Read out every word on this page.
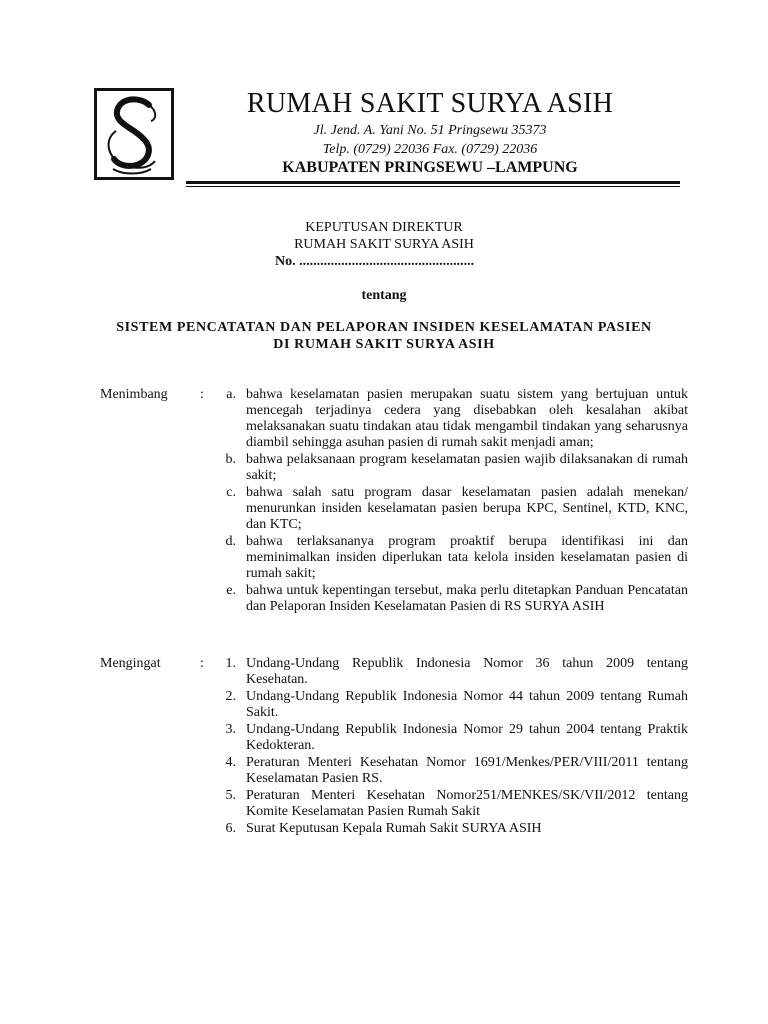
RUMAH SAKIT SURYA ASIH
Jl. Jend. A. Yani No. 51 Pringsewu 35373
Telp. (0729) 22036 Fax. (0729) 22036
KABUPATEN PRINGSEWU –LAMPUNG
KEPUTUSAN DIREKTUR
RUMAH SAKIT SURYA ASIH
No. ..................................................
tentang
SISTEM PENCATATAN DAN PELAPORAN INSIDEN KESELAMATAN PASIEN
DI RUMAH SAKIT SURYA ASIH
Menimbang	:	a. bahwa keselamatan pasien merupakan suatu sistem yang bertujuan untuk mencegah terjadinya cedera yang disebabkan oleh kesalahan akibat melaksanakan suatu tindakan atau tidak mengambil tindakan yang seharusnya diambil sehingga asuhan pasien di rumah sakit menjadi aman;
b. bahwa pelaksanaan program keselamatan pasien wajib dilaksanakan di rumah sakit;
c. bahwa salah satu program dasar keselamatan pasien adalah menekan/ menurunkan insiden keselamatan pasien berupa KPC, Sentinel, KTD, KNC, dan KTC;
d. bahwa terlaksananya program proaktif berupa identifikasi ini dan meminimalkan insiden diperlukan tata kelola insiden keselamatan pasien di rumah sakit;
e. bahwa untuk kepentingan tersebut, maka perlu ditetapkan Panduan Pencatatan dan Pelaporan Insiden Keselamatan Pasien di RS SURYA ASIH
Mengingat	:	1. Undang-Undang Republik Indonesia Nomor 36 tahun 2009 tentang Kesehatan.
2. Undang-Undang Republik Indonesia Nomor 44 tahun 2009 tentang Rumah Sakit.
3. Undang-Undang Republik Indonesia Nomor 29 tahun 2004 tentang Praktik Kedokteran.
4. Peraturan Menteri Kesehatan Nomor 1691/Menkes/PER/VIII/2011 tentang Keselamatan Pasien RS.
5. Peraturan Menteri Kesehatan Nomor251/MENKES/SK/VII/2012 tentang Komite Keselamatan Pasien Rumah Sakit
6. Surat Keputusan Kepala Rumah Sakit SURYA ASIH
